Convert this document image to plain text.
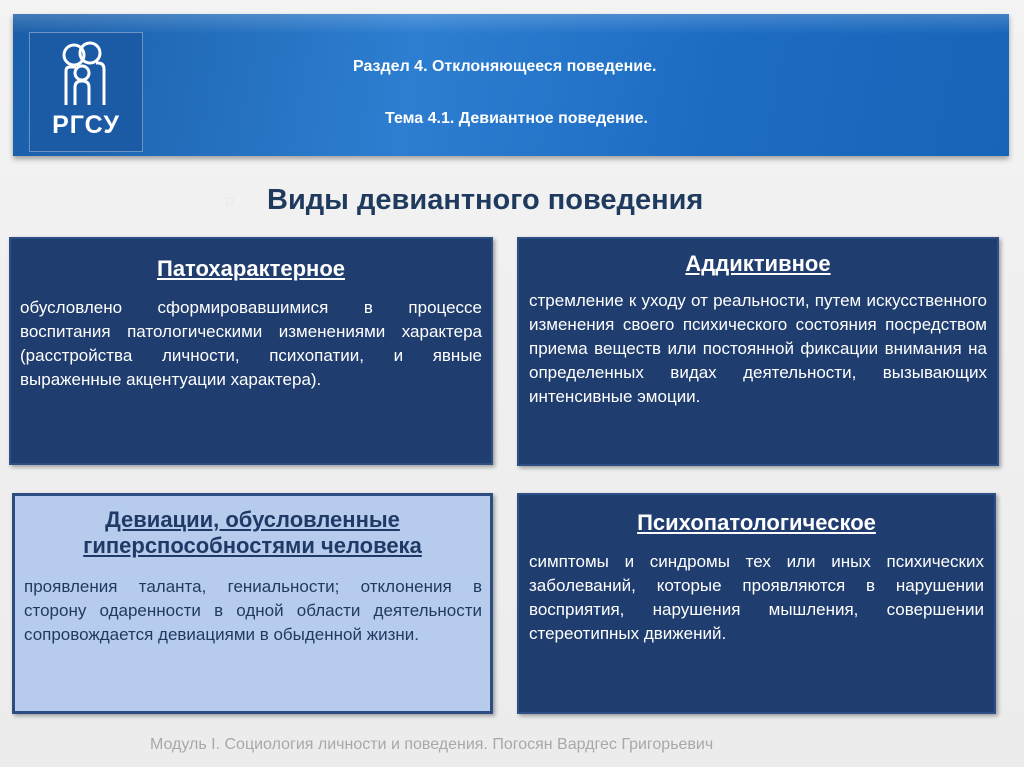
РГСУ
Раздел 4. Отклоняющееся поведение.
Тема 4.1. Девиантное поведение.
□ Виды девиантного поведения
Патохарактерное
обусловлено сформировавшимися в процессе воспитания патологическими изменениями характера (расстройства личности, психопатии, и явные выраженные акцентуации характера).
Аддиктивное
стремление к уходу от реальности, путем искусственного изменения своего психического состояния посредством приема веществ или постоянной фиксации внимания на определенных видах деятельности, вызывающих интенсивные эмоции.
Девиации, обусловленные гиперспособностями человека
проявления таланта, гениальности; отклонения в сторону одаренности в одной области деятельности сопровождается девиациями в обыденной жизни.
Психопатологическое
симптомы и синдромы тех или иных психических заболеваний, которые проявляются в нарушении восприятия, нарушения мышления, совершении стереотипных движений.
Модуль I. Социология личности и поведения. Погосян Вардгес Григорьевич
